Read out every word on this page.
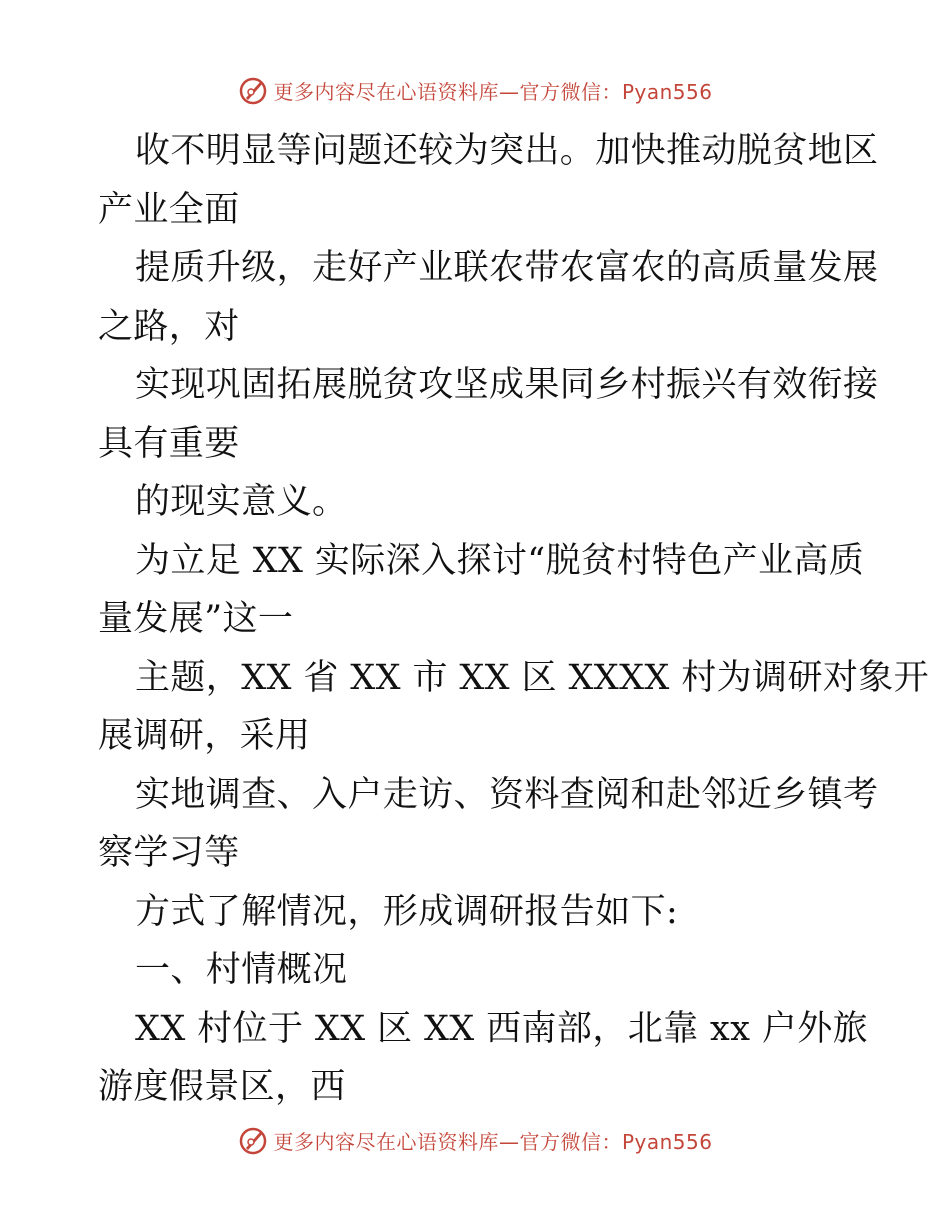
更多内容尽在心语资料库—官方微信：Pyan556
收不明显等问题还较为突出。加快推动脱贫地区
产业全面
提质升级，走好产业联农带农富农的高质量发展
之路，对
实现巩固拓展脱贫攻坚成果同乡村振兴有效衔接
具有重要
的现实意义。
为立足 XX 实际深入探讨“脱贫村特色产业高质
量发展”这一
主题，XX 省 XX 市 XX 区 XXXX 村为调研对象开
展调研，采用
实地调查、入户走访、资料查阅和赴邻近乡镇考
察学习等
方式了解情况，形成调研报告如下:
一、村情概况
XX 村位于 XX 区 XX 西南部，北靠 xx 户外旅
游度假景区，西
更多内容尽在心语资料库—官方微信：Pyan556
